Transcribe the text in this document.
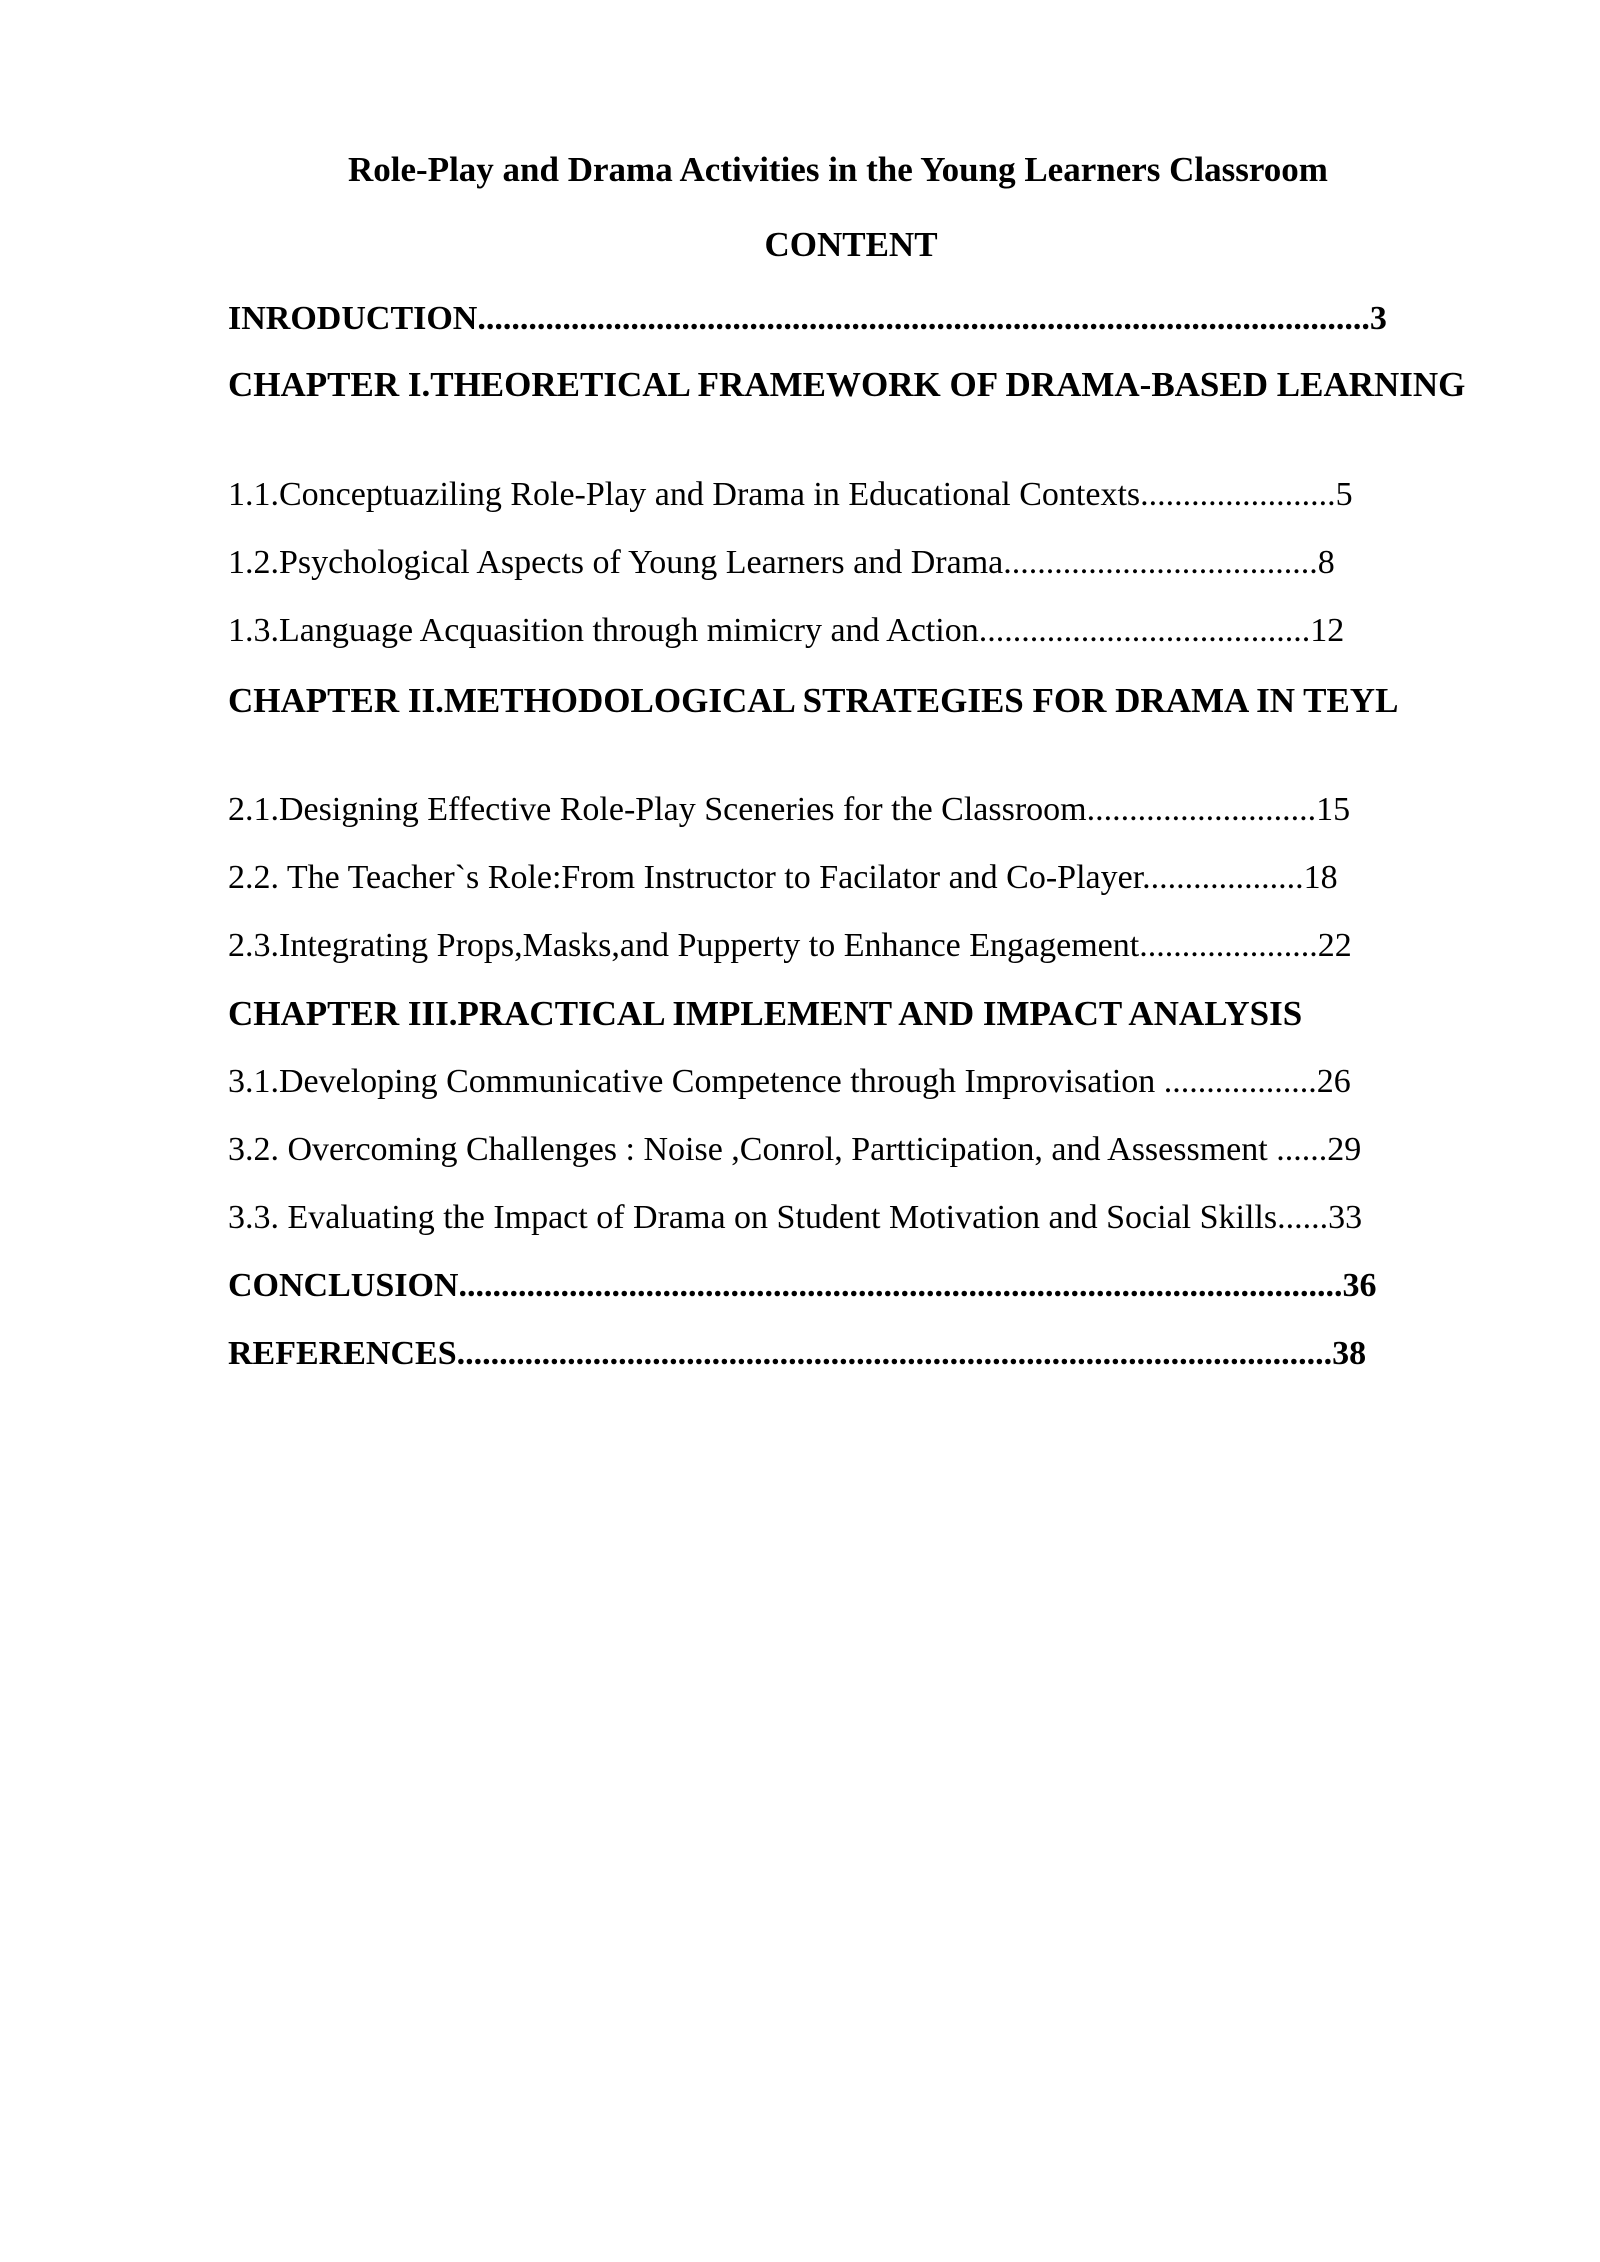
Role-Play and Drama Activities in the Young Learners Classroom
CONTENT
INRODUCTION.........................................................................................................3
CHAPTER I.THEORETICAL FRAMEWORK OF DRAMA-BASED LEARNING
1.1.Conceptuaziling Role-Play and Drama in Educational Contexts.......................5
1.2.Psychological Aspects of Young Learners and Drama.....................................8
1.3.Language Acquasition through mimicry and Action.......................................12
CHAPTER II.METHODOLOGICAL STRATEGIES FOR DRAMA IN TEYL
2.1.Designing Effective Role-Play Sceneries for the Classroom...........................15
2.2. The Teacher`s Role:From Instructor to Facilator and Co-Player...................18
2.3.Integrating Props,Masks,and Pupperty to Enhance Engagement.....................22
CHAPTER III.PRACTICAL IMPLEMENT AND IMPACT ANALYSIS
3.1.Developing Communicative Competence through Improvisation ..................26
3.2. Overcoming Challenges : Noise ,Conrol, Partticipation, and Assessment ......29
3.3. Evaluating the Impact of Drama on Student Motivation and Social Skills......33
CONCLUSION........................................................................................................36
REFERENCES.......................................................................................................38
